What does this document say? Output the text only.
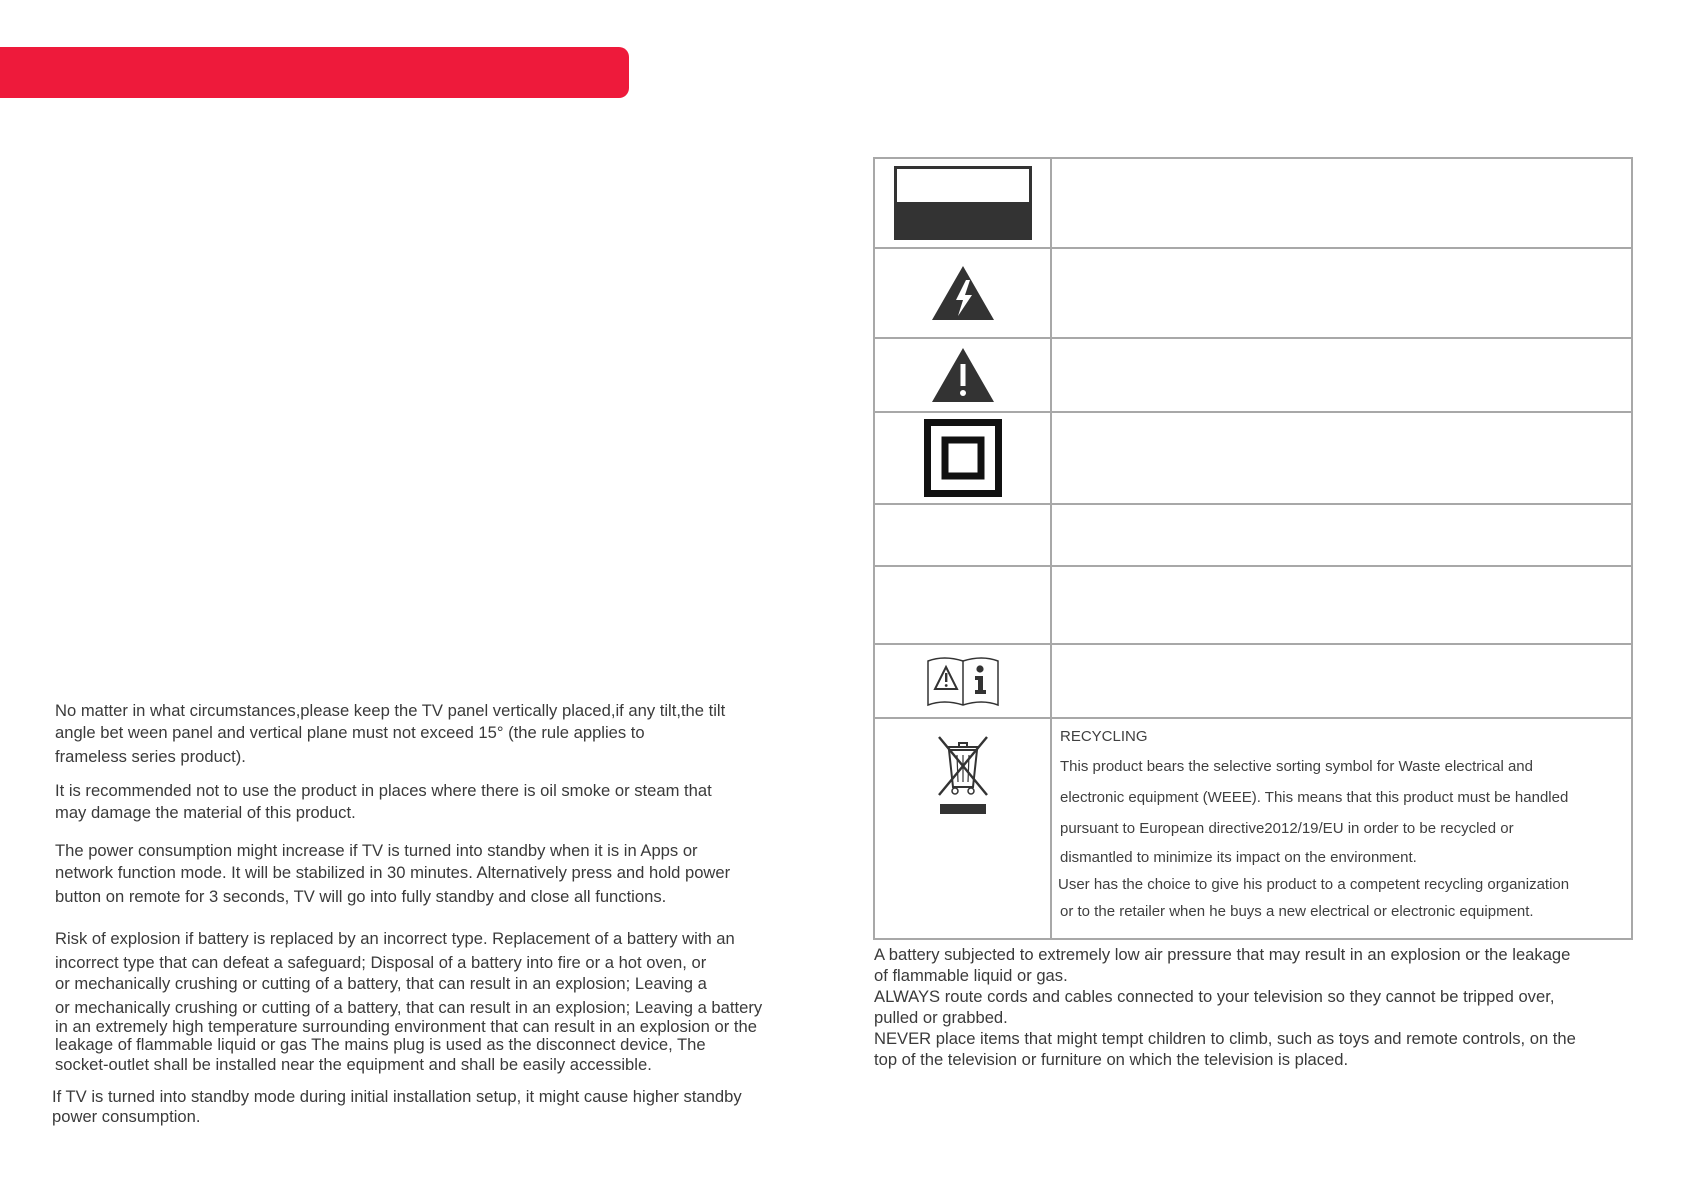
No matter in what circumstances,please keep the TV panel vertically placed,if any tilt,the tilt
angle bet ween panel and vertical plane must not exceed 15° (the rule applies to
frameless series product).

It is recommended not to use the product in places where there is oil smoke or steam that
may damage the material of this product.

The power consumption might increase if TV is turned into standby when it is in Apps or
network function mode. It will be stabilized in 30 minutes. Alternatively press and hold power
button on remote for 3 seconds, TV will go into fully standby and close all functions.

Risk of explosion if battery is replaced by an incorrect type. Replacement of a battery with an
incorrect type that can defeat a safeguard; Disposal of a battery into fire or a hot oven, or
or mechanically crushing or cutting of a battery, that can result in an explosion; Leaving a
or mechanically crushing or cutting of a battery, that can result in an explosion; Leaving a battery
in an extremely high temperature surrounding environment that can result in an explosion or the
leakage of flammable liquid or gas The mains plug is used as the disconnect device, The
socket-outlet shall be installed near the equipment and shall be easily accessible.

If TV is turned into standby mode during initial installation setup, it might cause higher standby
power consumption.

RECYCLING
This product bears the selective sorting symbol for Waste electrical and
electronic equipment (WEEE). This means that this product must be handled
pursuant to European directive2012/19/EU in order to be recycled or
dismantled to minimize its impact on the environment.
User has the choice to give his product to a competent recycling organization
or to the retailer when he buys a new electrical or electronic equipment.

A battery subjected to extremely low air pressure that may result in an explosion or the leakage

of flammable liquid or gas.

ALWAYS route cords and cables connected to your television so they cannot be tripped over,

pulled or grabbed.

NEVER place items that might tempt children to climb, such as toys and remote controls, on the

top of the television or furniture on which the television is placed.
